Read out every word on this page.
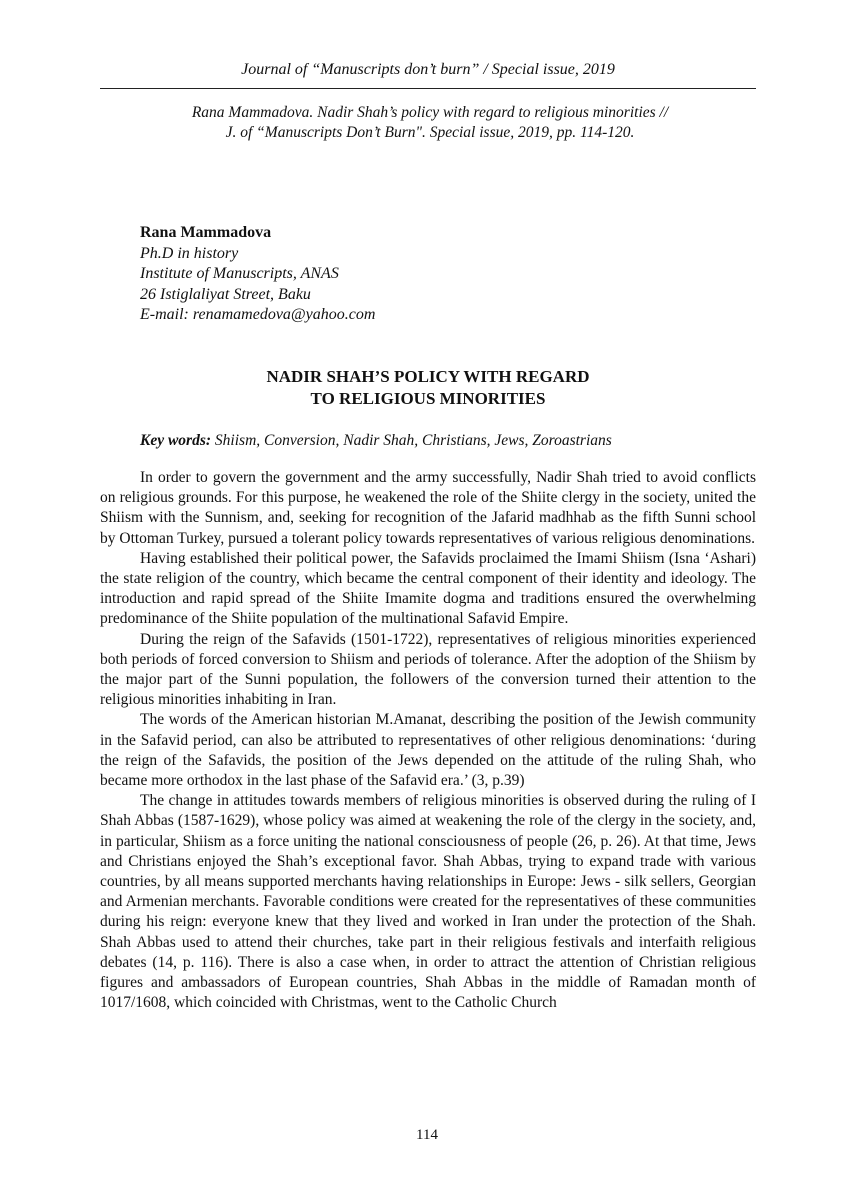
Journal of “Manuscripts don’t burn” / Special issue, 2019
Rana Mammadova. Nadir Shah’s policy with regard to religious minorities //
J. of “Manuscripts Don’t Burn". Special issue, 2019, pp. 114-120.
Rana Mammadova
Ph.D in history
Institute of Manuscripts, ANAS
26 Istiglaliyat Street, Baku
E-mail: renamamedova@yahoo.com
NADIR SHAH’S POLICY WITH REGARD
TO RELIGIOUS MINORITIES
Key words: Shiism, Conversion, Nadir Shah, Christians, Jews, Zoroastrians

In order to govern the government and the army successfully, Nadir Shah tried to avoid conflicts on religious grounds. For this purpose, he weakened the role of the Shiite clergy in the society, united the Shiism with the Sunnism, and, seeking for recognition of the Jafarid madhhab as the fifth Sunni school by Ottoman Turkey, pursued a tolerant policy towards representatives of various religious denominations.

Having established their political power, the Safavids proclaimed the Imami Shiism (Isna ‘Ashari) the state religion of the country, which became the central component of their identity and ideology. The introduction and rapid spread of the Shiite Imamite dogma and traditions ensured the overwhelming predominance of the Shiite population of the multinational Safavid Empire.

During the reign of the Safavids (1501-1722), representatives of religious minorities experienced both periods of forced conversion to Shiism and periods of tolerance. After the adoption of the Shiism by the major part of the Sunni population, the followers of the conversion turned their attention to the religious minorities inhabiting in Iran.

The words of the American historian M.Amanat, describing the position of the Jewish community in the Safavid period, can also be attributed to representatives of other religious denominations: ‘during the reign of the Safavids, the position of the Jews depended on the attitude of the ruling Shah, who became more orthodox in the last phase of the Safavid era.’ (3, p.39)

The change in attitudes towards members of religious minorities is observed during the ruling of I Shah Abbas (1587-1629), whose policy was aimed at weakening the role of the clergy in the society, and, in particular, Shiism as a force uniting the national consciousness of people (26, p. 26). At that time, Jews and Christians enjoyed the Shah’s exceptional favor. Shah Abbas, trying to expand trade with various countries, by all means supported merchants having relationships in Europe: Jews - silk sellers, Georgian and Armenian merchants. Favorable conditions were created for the representatives of these communities during his reign: everyone knew that they lived and worked in Iran under the protection of the Shah. Shah Abbas used to attend their churches, take part in their religious festivals and interfaith religious debates (14, p. 116). There is also a case when, in order to attract the attention of Christian religious figures and ambassadors of European countries, Shah Abbas in the middle of Ramadan month of 1017/1608, which coincided with Christmas, went to the Catholic Church

114
